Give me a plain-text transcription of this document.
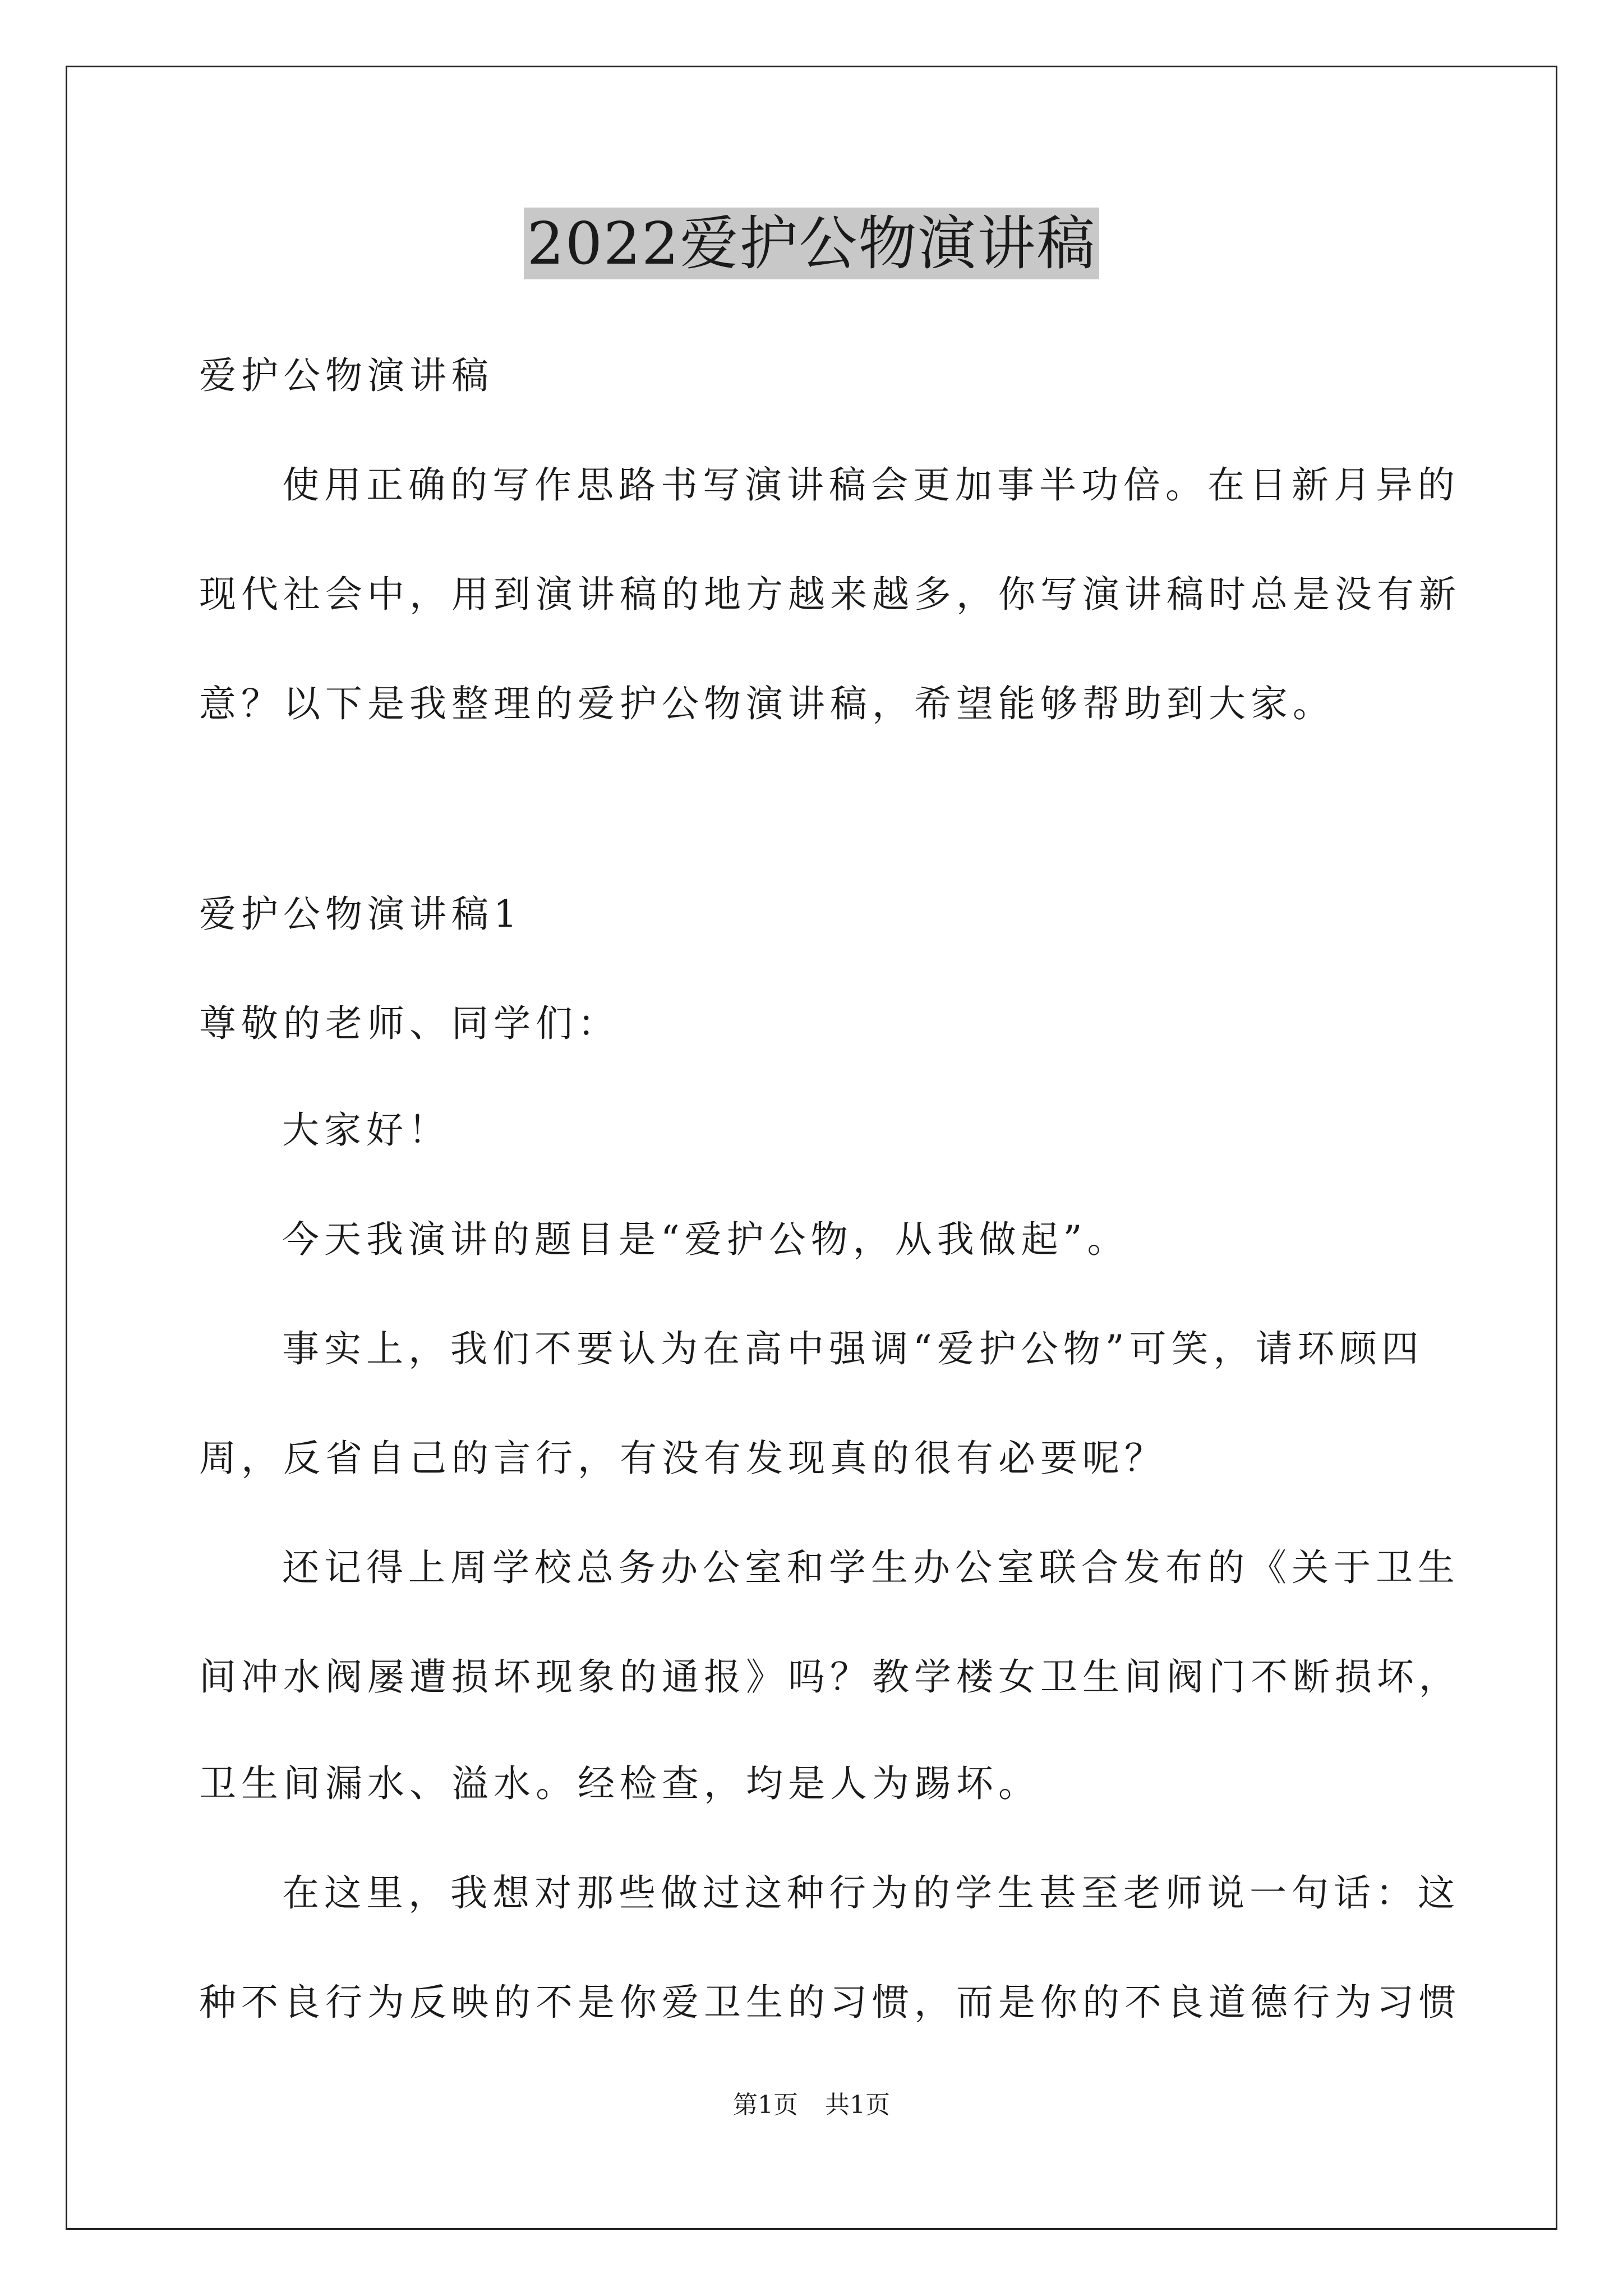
2022爱护公物演讲稿
爱护公物演讲稿
使用正确的写作思路书写演讲稿会更加事半功倍。在日新月异的
现代社会中，用到演讲稿的地方越来越多，你写演讲稿时总是没有新
意？以下是我整理的爱护公物演讲稿，希望能够帮助到大家。
爱护公物演讲稿1
尊敬的老师、同学们：
大家好！
今天我演讲的题目是“爱护公物，从我做起”。
事实上，我们不要认为在高中强调“爱护公物”可笑，请环顾四
周，反省自己的言行，有没有发现真的很有必要呢？
还记得上周学校总务办公室和学生办公室联合发布的《关于卫生
间冲水阀屡遭损坏现象的通报》吗？教学楼女卫生间阀门不断损坏，
卫生间漏水、溢水。经检查，均是人为踢坏。
在这里，我想对那些做过这种行为的学生甚至老师说一句话：这
种不良行为反映的不是你爱卫生的习惯，而是你的不良道德行为习惯
第1页 共1页
